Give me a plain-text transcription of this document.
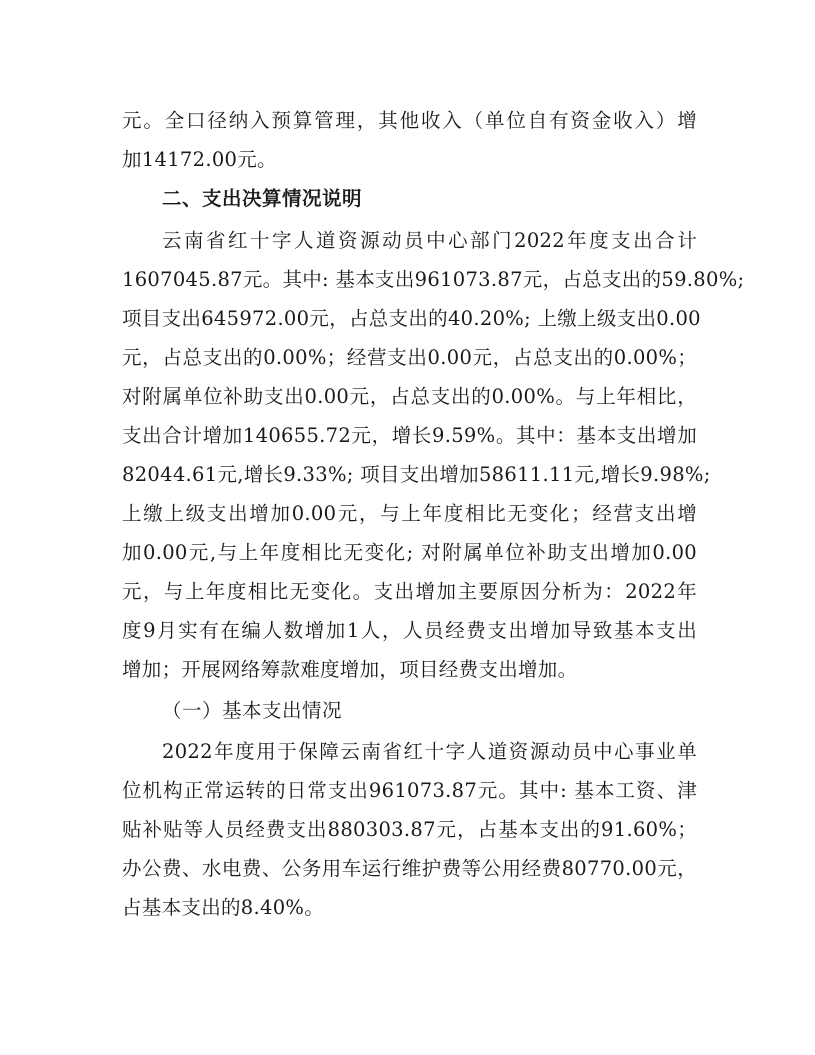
元。全口径纳入预算管理，其他收入（单位自有资金收入）增
加14172.00元。
二、支出决算情况说明
云南省红十字人道资源动员中心部门2022年度支出合计
1607045.87元。其中: 基本支出961073.87元，占总支出的59.80%;
项目支出645972.00元，占总支出的40.20%; 上缴上级支出0.00
元，占总支出的0.00%；经营支出0.00元，占总支出的0.00%；
对附属单位补助支出0.00元，占总支出的0.00%。与上年相比，
支出合计增加140655.72元，增长9.59%。其中：基本支出增加
82044.61元,增长9.33%; 项目支出增加58611.11元,增长9.98%;
上缴上级支出增加0.00元，与上年度相比无变化；经营支出增
加0.00元,与上年度相比无变化; 对附属单位补助支出增加0.00
元，与上年度相比无变化。支出增加主要原因分析为：2022年
度9月实有在编人数增加1人，人员经费支出增加导致基本支出
增加；开展网络筹款难度增加，项目经费支出增加。
（一）基本支出情况
2022年度用于保障云南省红十字人道资源动员中心事业单
位机构正常运转的日常支出961073.87元。其中: 基本工资、津
贴补贴等人员经费支出880303.87元，占基本支出的91.60%；
办公费、水电费、公务用车运行维护费等公用经费80770.00元，
占基本支出的8.40%。
